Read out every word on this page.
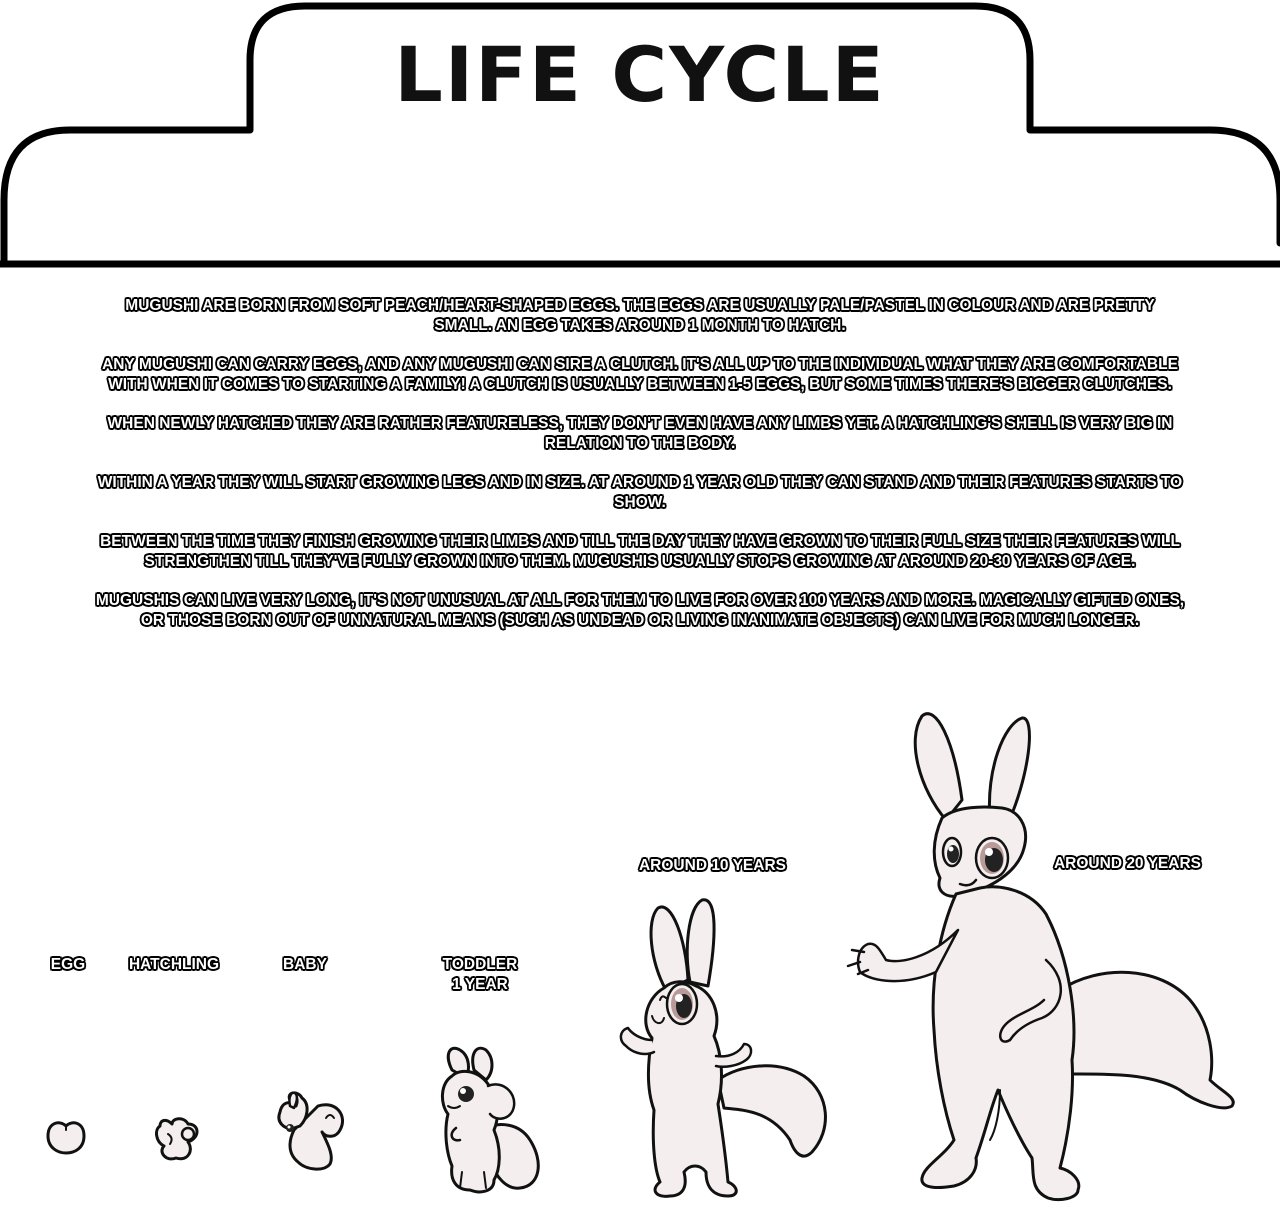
LIFE CYCLE

MUGUSHI ARE BORN FROM SOFT PEACH/HEART-SHAPED EGGS. THE EGGS ARE USUALLY PALE/PASTEL IN COLOUR AND ARE PRETTY SMALL. AN EGG TAKES AROUND 1 MONTH TO HATCH.

ANY MUGUSHI CAN CARRY EGGS, AND ANY MUGUSHI CAN SIRE A CLUTCH. IT'S ALL UP TO THE INDIVIDUAL WHAT THEY ARE COMFORTABLE WITH WHEN IT COMES TO STARTING A FAMILY! A CLUTCH IS USUALLY BETWEEN 1-5 EGGS, BUT SOME TIMES THERE'S BIGGER CLUTCHES.

WHEN NEWLY HATCHED THEY ARE RATHER FEATURELESS, THEY DON'T EVEN HAVE ANY LIMBS YET. A HATCHLING'S SHELL IS VERY BIG IN RELATION TO THE BODY.

WITHIN A YEAR THEY WILL START GROWING LEGS AND IN SIZE. AT AROUND 1 YEAR OLD THEY CAN STAND AND THEIR FEATURES STARTS TO SHOW.

BETWEEN THE TIME THEY FINISH GROWING THEIR LIMBS AND TILL THE DAY THEY HAVE GROWN TO THEIR FULL SIZE THEIR FEATURES WILL STRENGTHEN TILL THEY'VE FULLY GROWN INTO THEM. MUGUSHIS USUALLY STOPS GROWING AT AROUND 20-30 YEARS OF AGE.

MUGUSHIS CAN LIVE VERY LONG, IT'S NOT UNUSUAL AT ALL FOR THEM TO LIVE FOR OVER 100 YEARS AND MORE. MAGICALLY GIFTED ONES, OR THOSE BORN OUT OF UNNATURAL MEANS (SUCH AS UNDEAD OR LIVING INANIMATE OBJECTS) CAN LIVE FOR MUCH LONGER.

EGG	HATCHLING	BABY	TODDLER
1 YEAR
AROUND 10 YEARS	AROUND 20 YEARS
